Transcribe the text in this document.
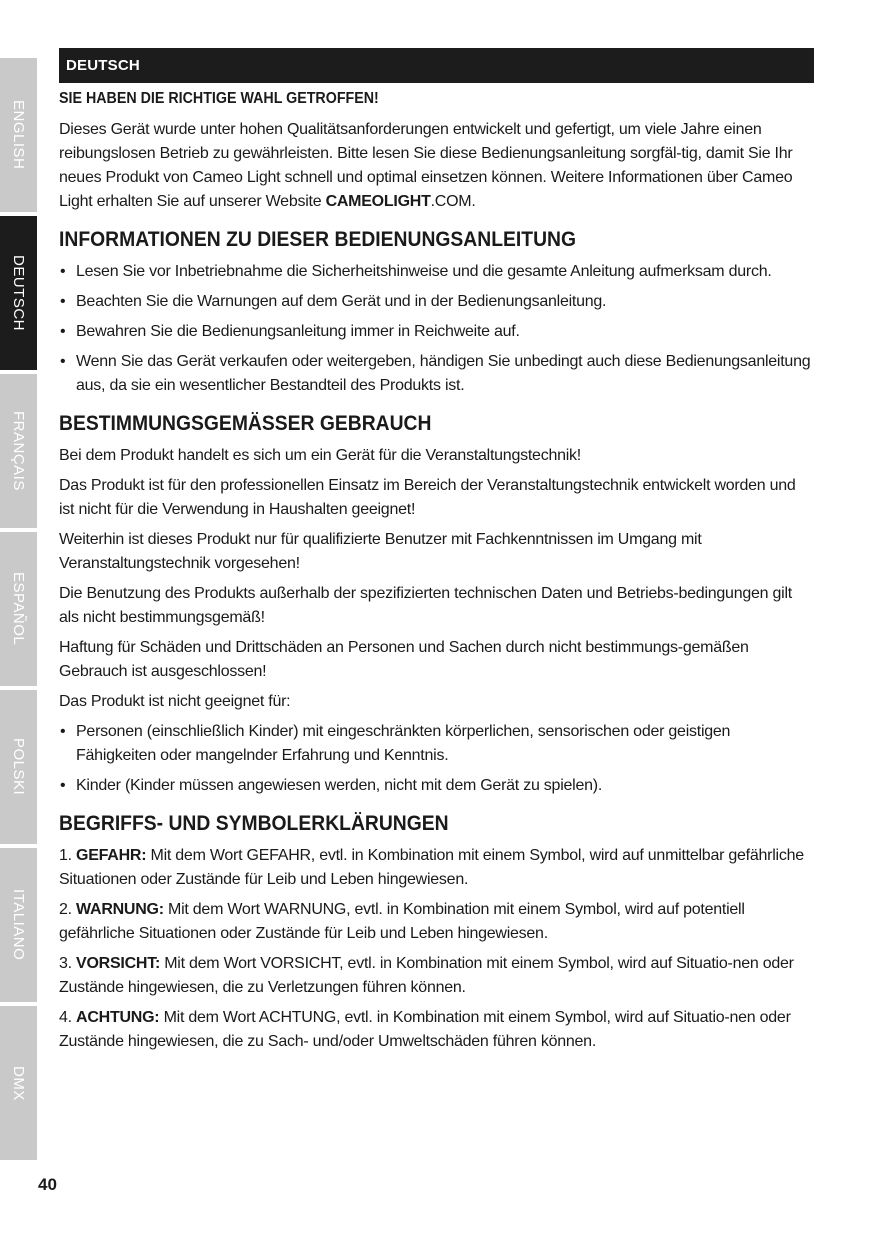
ENGLISH
DEUTSCH
FRANÇAIS
ESPAÑOL
POLSKI
ITALIANO
DMX
40
DEUTSCH
SIE HABEN DIE RICHTIGE WAHL GETROFFEN!

Dieses Gerät wurde unter hohen Qualitätsanforderungen entwickelt und gefertigt, um viele Jahre einen reibungslosen Betrieb zu gewährleisten. Bitte lesen Sie diese Bedienungsanleitung sorgfäl-tig, damit Sie Ihr neues Produkt von Cameo Light schnell und optimal einsetzen können. Weitere Informationen über Cameo Light erhalten Sie auf unserer Website CAMEOLIGHT.COM.

INFORMATIONEN ZU DIESER BEDIENUNGSANLEITUNG
• Lesen Sie vor Inbetriebnahme die Sicherheitshinweise und die gesamte Anleitung aufmerksam durch.
• Beachten Sie die Warnungen auf dem Gerät und in der Bedienungsanleitung.
• Bewahren Sie die Bedienungsanleitung immer in Reichweite auf.
• Wenn Sie das Gerät verkaufen oder weitergeben, händigen Sie unbedingt auch diese Bedienungsanleitung aus, da sie ein wesentlicher Bestandteil des Produkts ist.
BESTIMMUNGSGEMÄSSER GEBRAUCH

Bei dem Produkt handelt es sich um ein Gerät für die Veranstaltungstechnik!

Das Produkt ist für den professionellen Einsatz im Bereich der Veranstaltungstechnik entwickelt worden und ist nicht für die Verwendung in Haushalten geeignet!

Weiterhin ist dieses Produkt nur für qualifizierte Benutzer mit Fachkenntnissen im Umgang mit Veranstaltungstechnik vorgesehen!

Die Benutzung des Produkts außerhalb der spezifizierten technischen Daten und Betriebs-bedingungen gilt als nicht bestimmungsgemäß!

Haftung für Schäden und Drittschäden an Personen und Sachen durch nicht bestimmungs-gemäßen Gebrauch ist ausgeschlossen!

Das Produkt ist nicht geeignet für:

• Personen (einschließlich Kinder) mit eingeschränkten körperlichen, sensorischen oder geistigen Fähigkeiten oder mangelnder Erfahrung und Kenntnis.
• Kinder (Kinder müssen angewiesen werden, nicht mit dem Gerät zu spielen).
BEGRIFFS- UND SYMBOLERKLÄRUNGEN

1. GEFAHR: Mit dem Wort GEFAHR, evtl. in Kombination mit einem Symbol, wird auf unmittelbar gefährliche Situationen oder Zustände für Leib und Leben hingewiesen.

2. WARNUNG: Mit dem Wort WARNUNG, evtl. in Kombination mit einem Symbol, wird auf potentiell gefährliche Situationen oder Zustände für Leib und Leben hingewiesen.

3. VORSICHT: Mit dem Wort VORSICHT, evtl. in Kombination mit einem Symbol, wird auf Situatio-nen oder Zustände hingewiesen, die zu Verletzungen führen können.

4. ACHTUNG: Mit dem Wort ACHTUNG, evtl. in Kombination mit einem Symbol, wird auf Situatio-nen oder Zustände hingewiesen, die zu Sach- und/oder Umweltschäden führen können.
